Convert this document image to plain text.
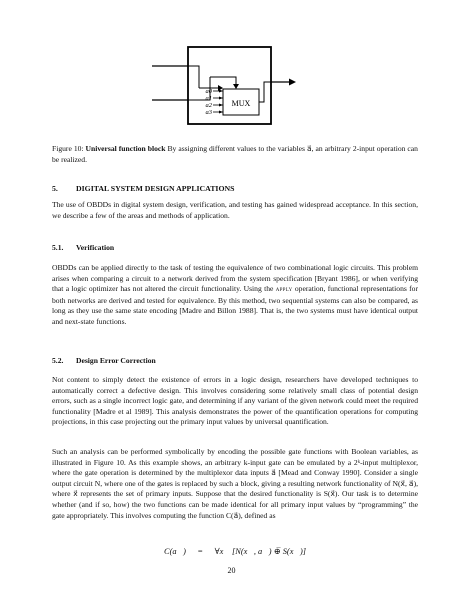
MUX
a0
a1
a2
a3

Figure 10: Universal function block By assigning different values to the variables a⃗, an arbitrary 2-input operation can be realized.

5. DIGITAL SYSTEM DESIGN APPLICATIONS

The use of OBDDs in digital system design, verification, and testing has gained widespread acceptance. In this section, we describe a few of the areas and methods of application.

5.1. Verification

OBDDs can be applied directly to the task of testing the equivalence of two combinational logic circuits. This problem arises when comparing a circuit to a network derived from the system specification [Bryant 1986], or when verifying that a logic optimizer has not altered the circuit functionality. Using the apply operation, functional representations for both networks are derived and tested for equivalence. By this method, two sequential systems can also be compared, as long as they use the same state encoding [Madre and Billon 1988]. That is, the two systems must have identical output and next-state functions.

5.2. Design Error Correction

Not content to simply detect the existence of errors in a logic design, researchers have developed techniques to automatically correct a defective design. This involves considering some relatively small class of potential design errors, such as a single incorrect logic gate, and determining if any variant of the given network could meet the required functionality [Madre et al 1989]. This analysis demonstrates the power of the quantification operations for computing projections, in this case projecting out the primary input values by universal quantification.

Such an analysis can be performed symbolically by encoding the possible gate functions with Boolean variables, as illustrated in Figure 10. As this example shows, an arbitrary k-input gate can be emulated by a 2ᵏ-input multiplexor, where the gate operation is determined by the multiplexor data inputs a⃗ [Mead and Conway 1990]. Consider a single output circuit N, where one of the gates is replaced by such a block, giving a resulting network functionality of N(x⃗, a⃗), where x⃗ represents the set of primary inputs. Suppose that the desired functionality is S(x⃗). Our task is to determine whether (and if so, how) the two functions can be made identical for all primary input values by “programming” the gate appropriately. This involves computing the function C(a⃗), defined as

C(a⃗) = ∀x⃗ [N(x⃗, a⃗) ⊕̅ S(x⃗)]

20
